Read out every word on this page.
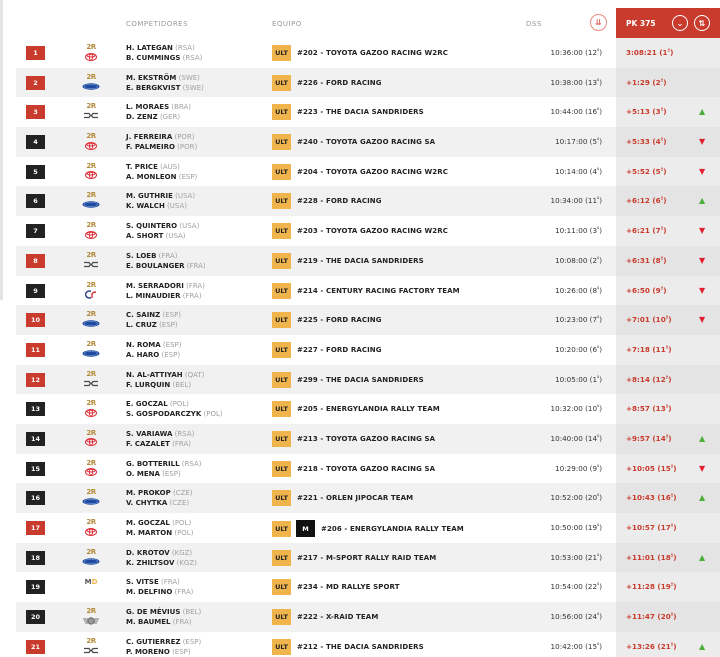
COMPETIDORES	EQUIPO	DSS	⇊	PK 375	⌄	⇅
1
2R	H. LATEGAN (RSA)
B. CUMMINGS (RSA)
ULT	#202 - TOYOTA GAZOO RACING W2RC	10:36:00 $(12^º)$	3:08:21 $(1^º)$
2
2R	M. EKSTRÖM (SWE)
E. BERGKVIST (SWE)
ULT	#226 - FORD RACING	10:38:00 $(13^º)$	+1:29 $(2^º)$
3
2R	L. MORAES (BRA)
D. ZENZ (GER)
ULT	#223 - THE DACIA SANDRIDERS	10:44:00 $(16^º)$	+5:13 $(3^º)$	▲
4
2R	J. FERREIRA (POR)
F. PALMEIRO (POR)
ULT	#240 - TOYOTA GAZOO RACING SA	10:17:00 $(5^º)$	+5:33 $(4^º)$	▼
5
2R	T. PRICE (AUS)
A. MONLEON (ESP)
ULT	#204 - TOYOTA GAZOO RACING W2RC	10:14:00 $(4^º)$	+5:52 $(5^º)$	▼
6
2R	M. GUTHRIE (USA)
K. WALCH (USA)
ULT	#228 - FORD RACING	10:34:00 $(11^º)$	+6:12 $(6^º)$	▲
7
2R	S. QUINTERO (USA)
A. SHORT (USA)
ULT	#203 - TOYOTA GAZOO RACING W2RC	10:11:00 $(3^º)$	+6:21 $(7^º)$	▼
8
2R	S. LOEB (FRA)
E. BOULANGER (FRA)
ULT	#219 - THE DACIA SANDRIDERS	10:08:00 $(2^º)$	+6:31 $(8^º)$	▼
9
2R	M. SERRADORI (FRA)
L. MINAUDIER (FRA)
ULT	#214 - CENTURY RACING FACTORY TEAM	10:26:00 $(8^º)$	+6:50 $(9^º)$	▼
10
2R	C. SAINZ (ESP)
L. CRUZ (ESP)
ULT	#225 - FORD RACING	10:23:00 $(7^º)$	+7:01 $(10^º)$	▼
11
2R	N. ROMA (ESP)
A. HARO (ESP)
ULT	#227 - FORD RACING	10:20:00 $(6^º)$	+7:18 $(11^º)$
12
2R	N. AL-ATTIYAH (QAT)
F. LURQUIN (BEL)
ULT	#299 - THE DACIA SANDRIDERS	10:05:00 $(1^º)$	+8:14 $(12^º)$
13
2R	E. GOCZAL (POL)
S. GOSPODARCZYK (POL)
ULT	#205 - ENERGYLANDIA RALLY TEAM	10:32:00 $(10^º)$	+8:57 $(13^º)$
14
2R	S. VARIAWA (RSA)
F. CAZALET (FRA)
ULT	#213 - TOYOTA GAZOO RACING SA	10:40:00 $(14^º)$	+9:57 $(14^º)$	▲
15
2R	G. BOTTERILL (RSA)
O. MENA (ESP)
ULT	#218 - TOYOTA GAZOO RACING SA	10:29:00 $(9^º)$	+10:05 $(15^º)$	▼
16
2R	M. PROKOP (CZE)
V. CHYTKA (CZE)
ULT	#221 - ORLEN JIPOCAR TEAM	10:52:00 $(20^º)$	+10:43 $(16^º)$	▲
17
2R	M. GOCZAL (POL)
M. MARTON (POL)
ULT	M	#206 - ENERGYLANDIA RALLY TEAM	10:50:00 $(19^º)$	+10:57 $(17^º)$
18
2R	D. KROTOV (KGZ)
K. ZHILTSOV (KGZ)
ULT	#217 - M-SPORT RALLY RAID TEAM	10:53:00 $(21^º)$	+11:01 $(18^º)$	▲
19
M D	S. VITSE (FRA)
M. DELFINO (FRA)
ULT	#234 - MD RALLYE SPORT	10:54:00 $(22^º)$	+11:28 $(19^º)$
20
2R	G. DE MÉVIUS (BEL)
M. BAUMEL (FRA)
ULT	#222 - X-RAID TEAM	10:56:00 $(24^º)$	+11:47 $(20^º)$
21
2R	C. GUTIERREZ (ESP)
P. MORENO (ESP)
ULT	#212 - THE DACIA SANDRIDERS	10:42:00 $(15^º)$	+13:26 $(21^º)$	▲
